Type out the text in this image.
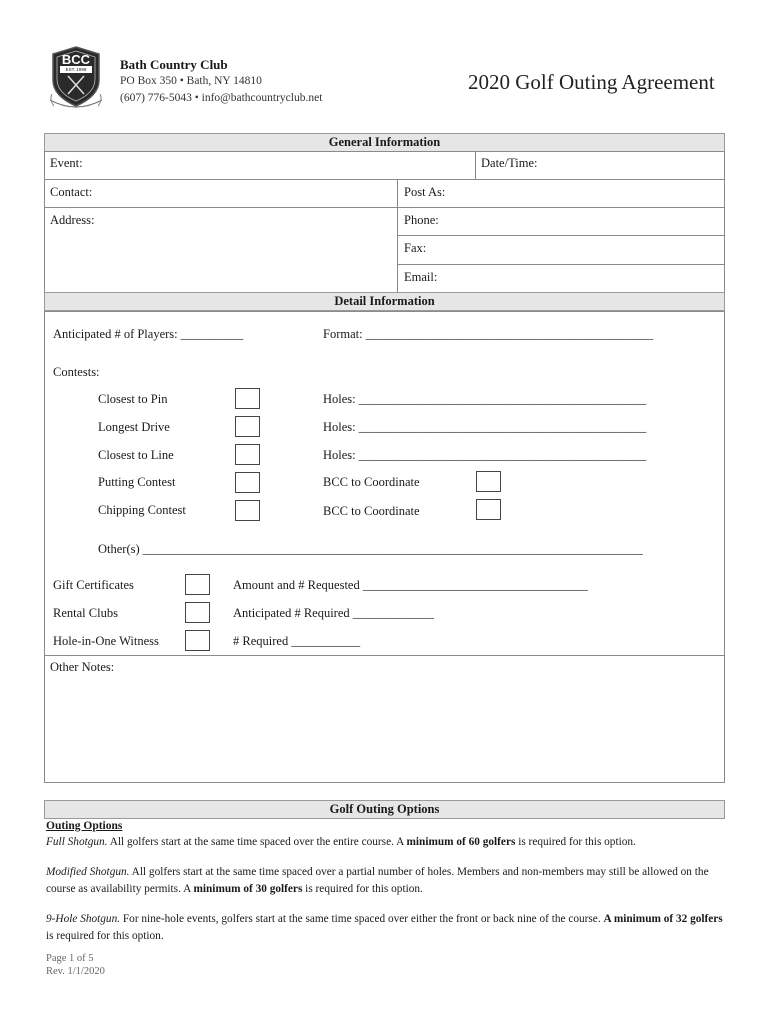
BCC
EST. 1898	Bath Country Club
PO Box 350 • Bath, NY 14810
(607) 776-5043 • info@bathcountryclub.net
2020 Golf Outing Agreement
General Information
Event:	Date/Time:
Contact:	Post As:
Address:	Phone:
Fax:
Email:
Detail Information
Anticipated # of Players: __________	Format: ______________________________________________
Contests:
Closest to Pin	Holes: ______________________________________________
Longest Drive	Holes: ______________________________________________
Closest to Line	Holes: ______________________________________________
Putting Contest	BCC to Coordinate
Chipping Contest	BCC to Coordinate
Other(s) ________________________________________________________________________________
Gift Certificates	Amount and # Requested ____________________________________
Rental Clubs	Anticipated # Required _____________
Hole-in-One Witness	# Required ___________
Other Notes:
Golf Outing Options
Outing Options
Full Shotgun. All golfers start at the same time spaced over the entire course. A minimum of 60 golfers is required for this option.
Modified Shotgun. All golfers start at the same time spaced over a partial number of holes. Members and non-members may still be allowed on the course as availability permits. A minimum of 30 golfers is required for this option.
9-Hole Shotgun. For nine-hole events, golfers start at the same time spaced over either the front or back nine of the course. A minimum of 32 golfers is required for this option.
Page 1 of 5
Rev. 1/1/2020
